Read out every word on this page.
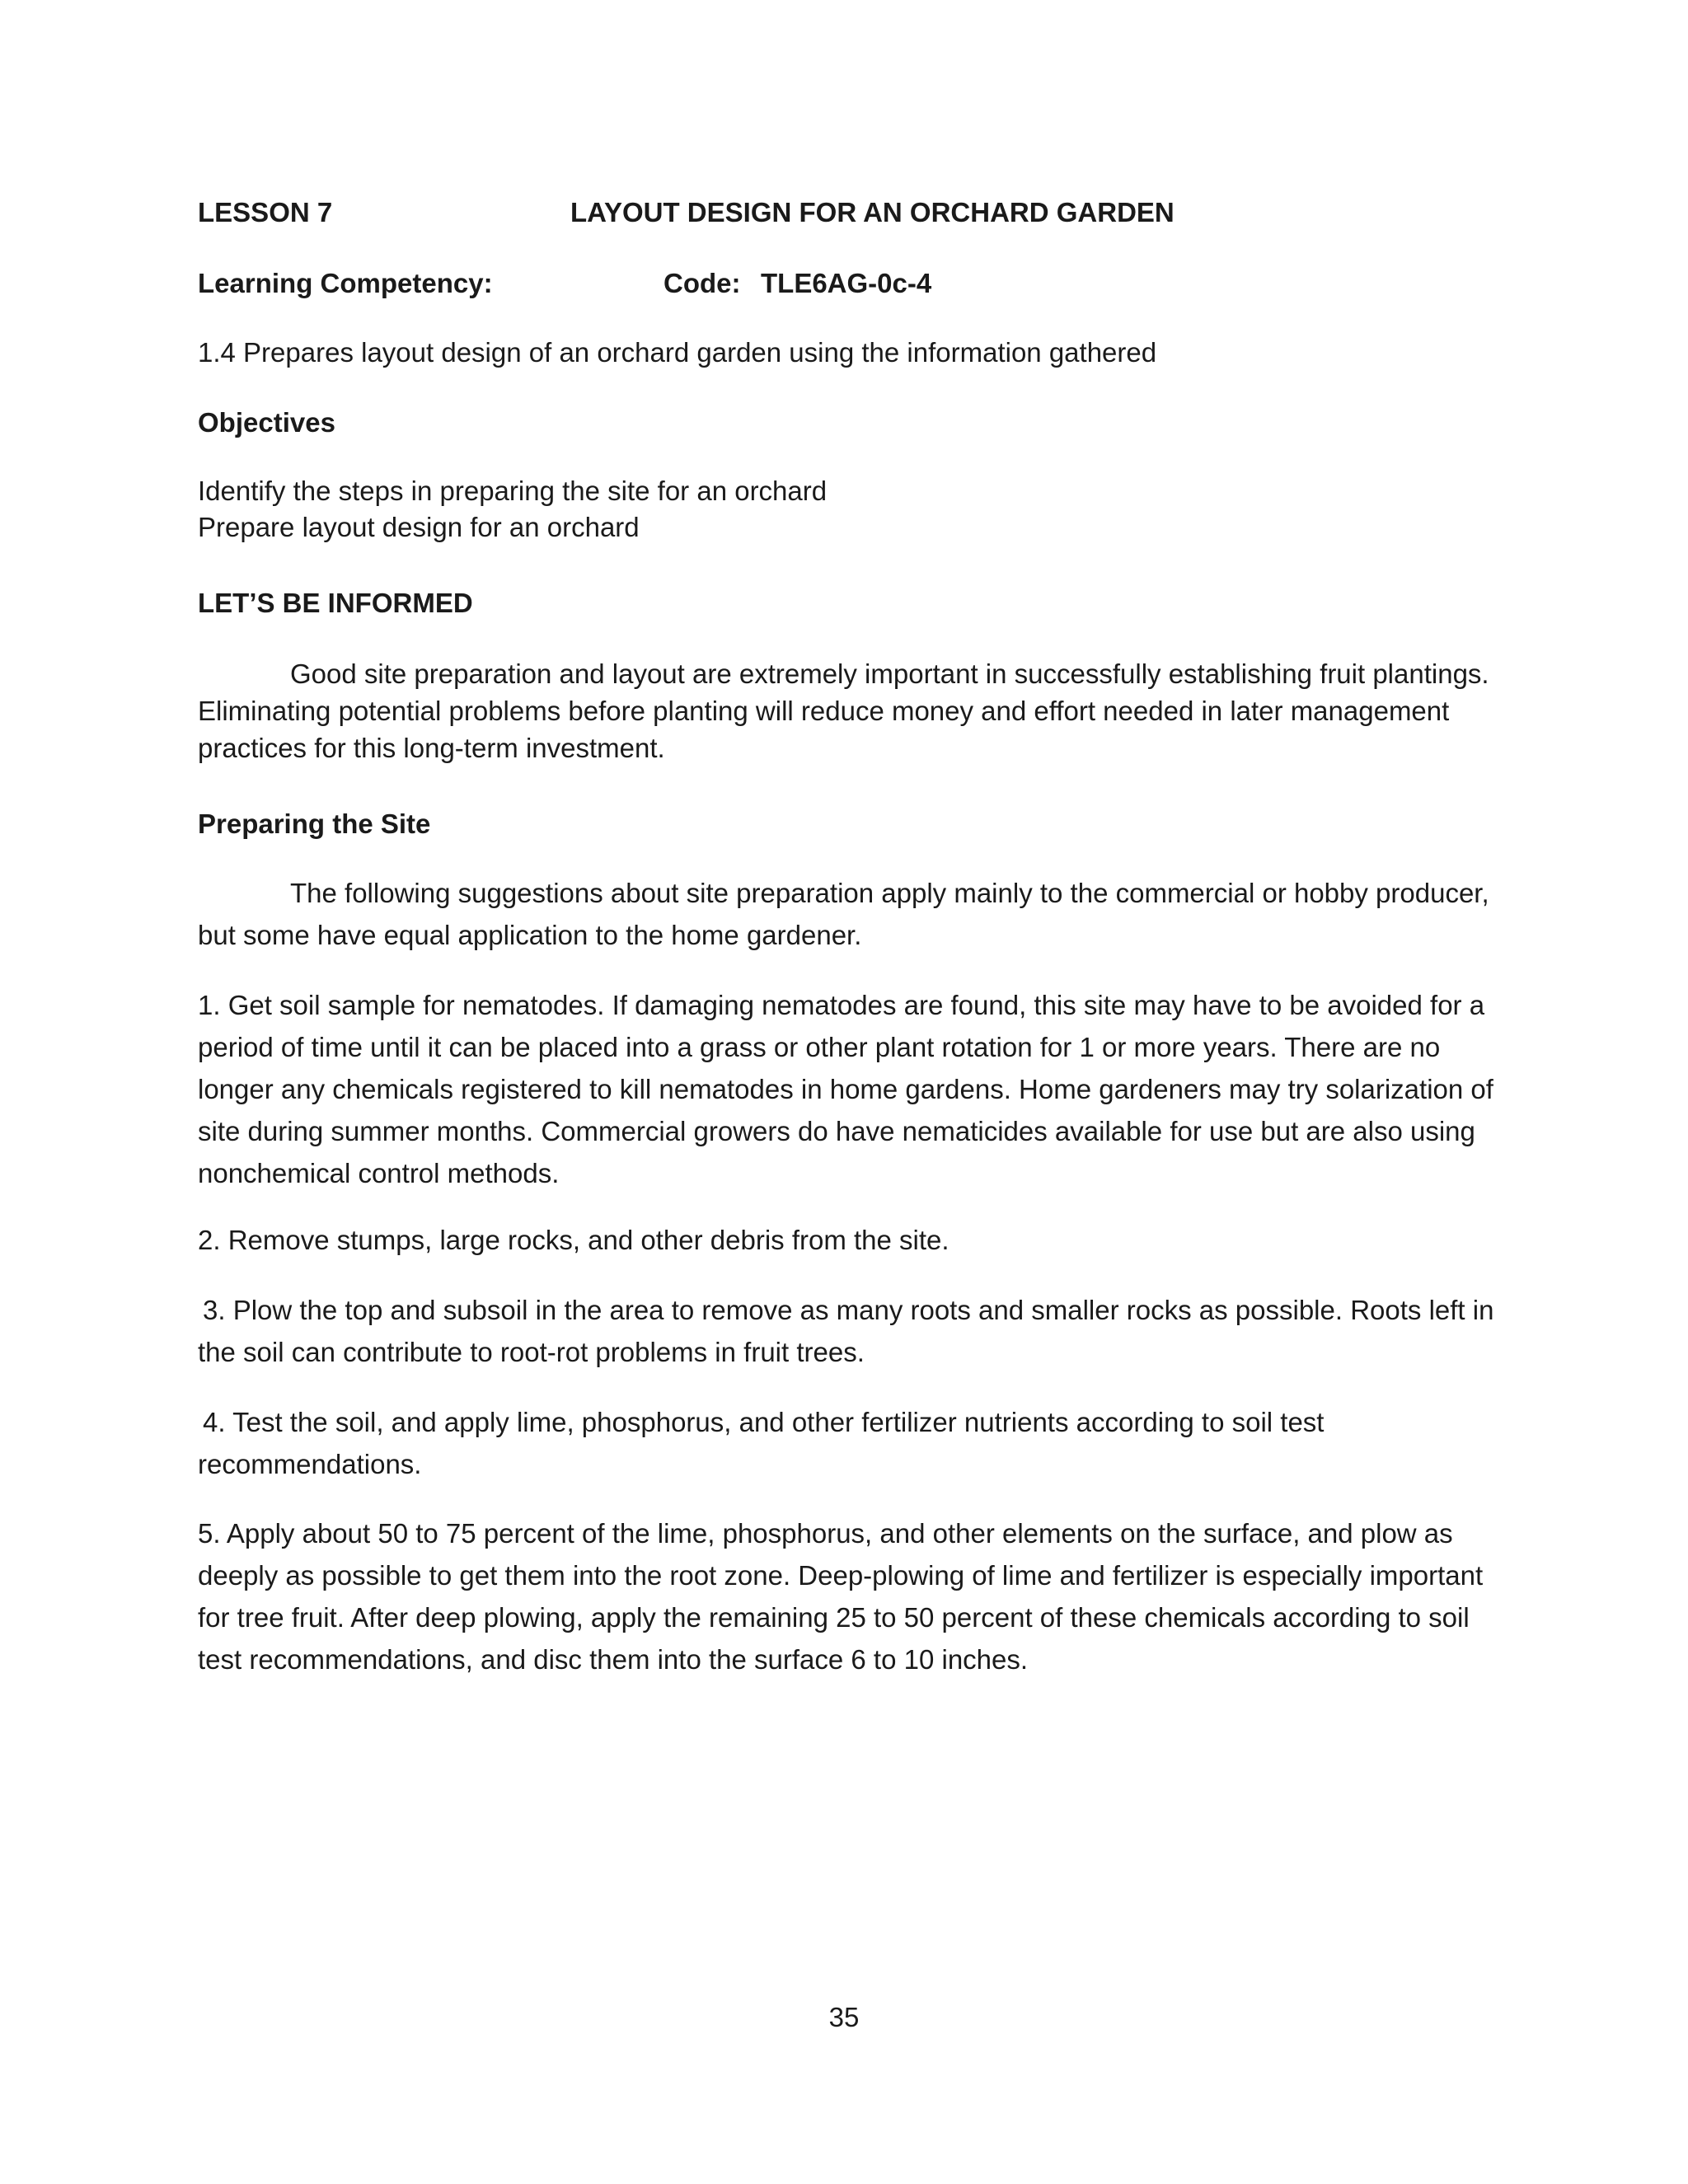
LESSON 7	LAYOUT DESIGN FOR AN ORCHARD GARDEN

Learning Competency:	Code: TLE6AG-0c-4

1.4 Prepares layout design of an orchard garden using the information gathered

Objectives

Identify the steps in preparing the site for an orchard

Prepare layout design for an orchard

LET’S BE INFORMED

Good site preparation and layout are extremely important in successfully establishing fruit plantings. Eliminating potential problems before planting will reduce money and effort needed in later management practices for this long-term investment.

Preparing the Site

The following suggestions about site preparation apply mainly to the commercial or hobby producer, but some have equal application to the home gardener.

1. Get soil sample for nematodes. If damaging nematodes are found, this site may have to be avoided for a period of time until it can be placed into a grass or other plant rotation for 1 or more years. There are no longer any chemicals registered to kill nematodes in home gardens. Home gardeners may try solarization of site during summer months. Commercial growers do have nematicides available for use but are also using nonchemical control methods.

2. Remove stumps, large rocks, and other debris from the site.

3. Plow the top and subsoil in the area to remove as many roots and smaller rocks as possible. Roots left in the soil can contribute to root-rot problems in fruit trees.

4. Test the soil, and apply lime, phosphorus, and other fertilizer nutrients according to soil test recommendations.

5. Apply about 50 to 75 percent of the lime, phosphorus, and other elements on the surface, and plow as deeply as possible to get them into the root zone. Deep-plowing of lime and fertilizer is especially important for tree fruit. After deep plowing, apply the remaining 25 to 50 percent of these chemicals according to soil test recommendations, and disc them into the surface 6 to 10 inches.

35
